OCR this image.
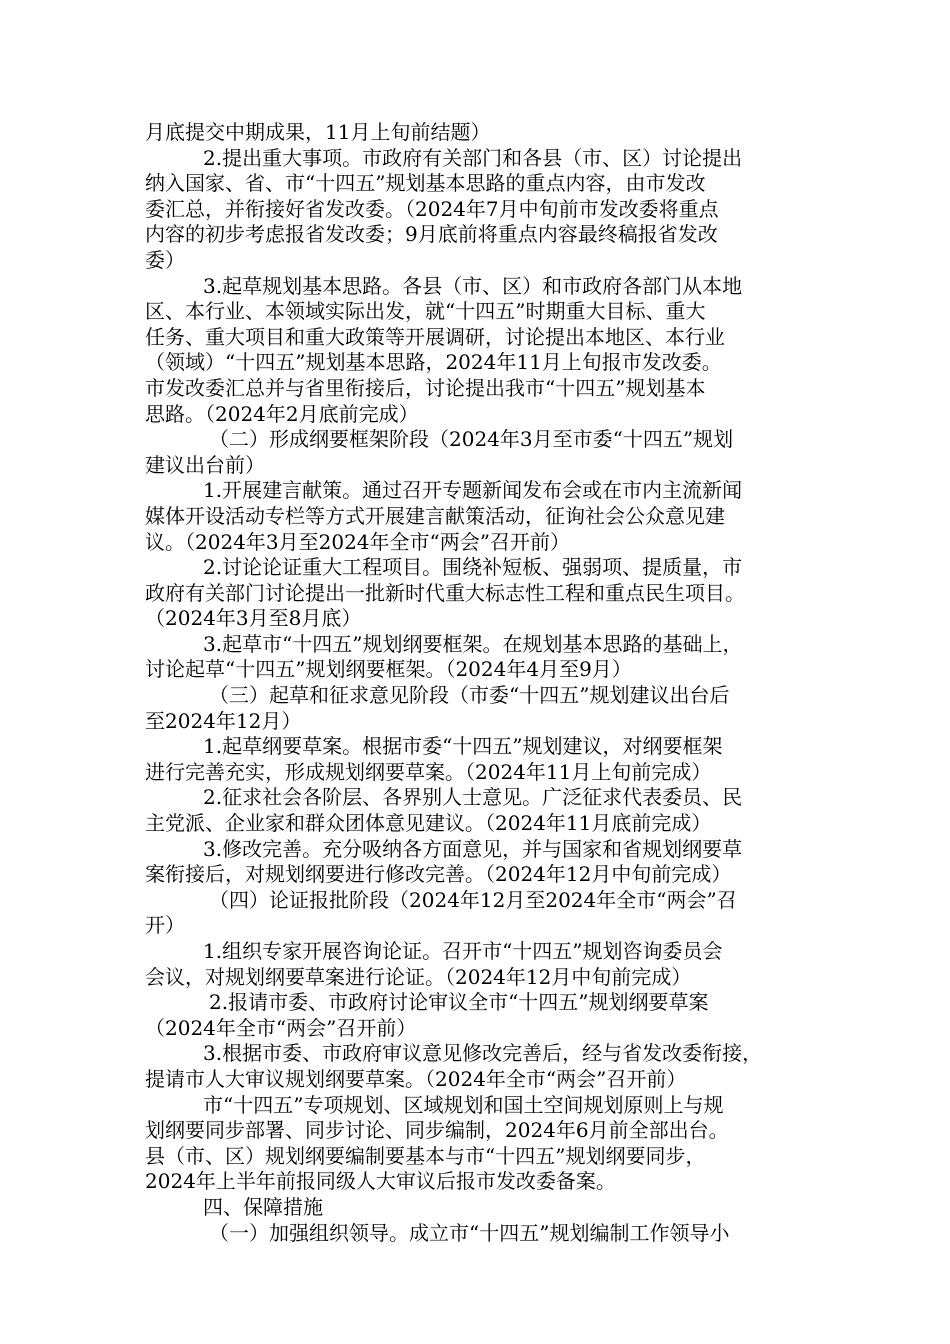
月底提交中期成果，11月上旬前结题）
2.提出重大事项。市政府有关部门和各县（市、区）讨论提出
纳入国家、省、市“十四五”规划基本思路的重点内容，由市发改
委汇总，并衔接好省发改委。（2024年7月中旬前市发改委将重点
内容的初步考虑报省发改委；9月底前将重点内容最终稿报省发改
委）
3.起草规划基本思路。各县（市、区）和市政府各部门从本地
区、本行业、本领域实际出发，就“十四五”时期重大目标、重大
任务、重大项目和重大政策等开展调研，讨论提出本地区、本行业
（领域）“十四五”规划基本思路，2024年11月上旬报市发改委。
市发改委汇总并与省里衔接后，讨论提出我市“十四五”规划基本
思路。（2024年2月底前完成）
（二）形成纲要框架阶段（2024年3月至市委“十四五”规划
建议出台前）
1.开展建言献策。通过召开专题新闻发布会或在市内主流新闻
媒体开设活动专栏等方式开展建言献策活动，征询社会公众意见建
议。（2024年3月至2024年全市“两会”召开前）
2.讨论论证重大工程项目。围绕补短板、强弱项、提质量，市
政府有关部门讨论提出一批新时代重大标志性工程和重点民生项目。
（2024年3月至8月底）
3.起草市“十四五”规划纲要框架。在规划基本思路的基础上，
讨论起草“十四五”规划纲要框架。（2024年4月至9月）
（三）起草和征求意见阶段（市委“十四五”规划建议出台后
至2024年12月）
1.起草纲要草案。根据市委“十四五”规划建议，对纲要框架
进行完善充实，形成规划纲要草案。（2024年11月上旬前完成）
2.征求社会各阶层、各界别人士意见。广泛征求代表委员、民
主党派、企业家和群众团体意见建议。（2024年11月底前完成）
3.修改完善。充分吸纳各方面意见，并与国家和省规划纲要草
案衔接后，对规划纲要进行修改完善。（2024年12月中旬前完成）
（四）论证报批阶段（2024年12月至2024年全市“两会”召
开）
1.组织专家开展咨询论证。召开市“十四五”规划咨询委员会
会议，对规划纲要草案进行论证。（2024年12月中旬前完成）
2.报请市委、市政府讨论审议全市“十四五”规划纲要草案
（2024年全市“两会”召开前）
3.根据市委、市政府审议意见修改完善后，经与省发改委衔接，
提请市人大审议规划纲要草案。（2024年全市“两会”召开前）
市“十四五”专项规划、区域规划和国土空间规划原则上与规
划纲要同步部署、同步讨论、同步编制，2024年6月前全部出台。
县（市、区）规划纲要编制要基本与市“十四五”规划纲要同步，
2024年上半年前报同级人大审议后报市发改委备案。
四、保障措施
（一）加强组织领导。成立市“十四五”规划编制工作领导小
